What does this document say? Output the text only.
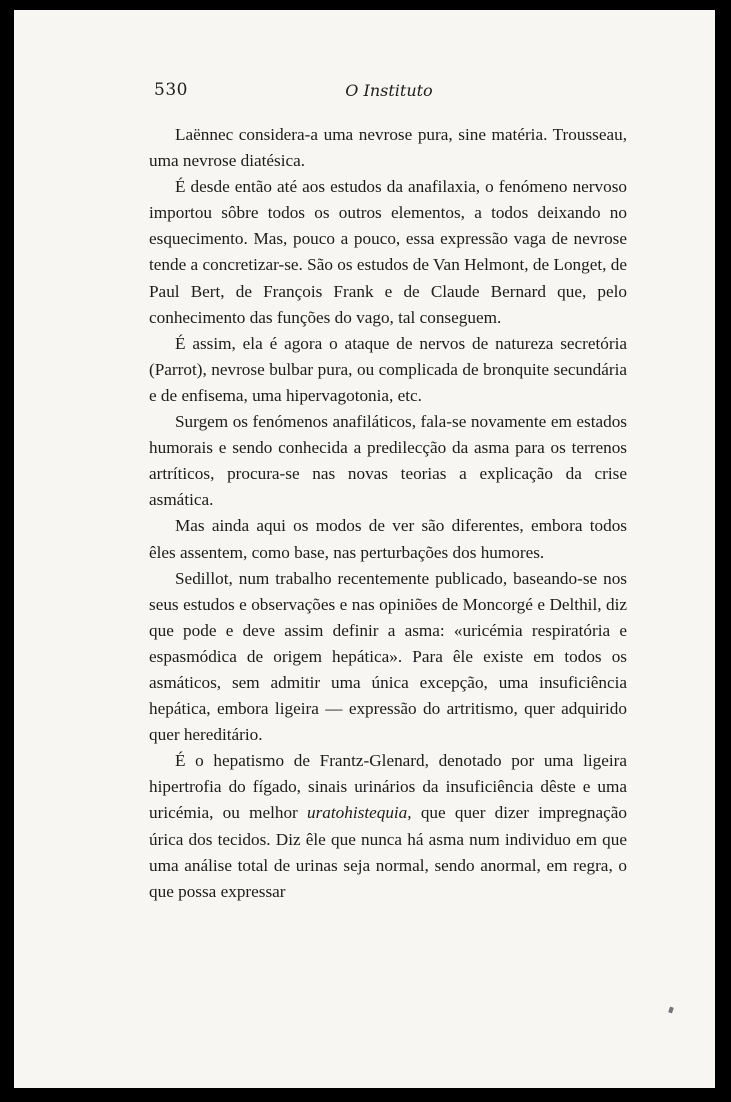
530	O Instituto

Laënnec considera-a uma nevrose pura, sine matéria. Trousseau, uma nevrose diatésica.

É desde então até aos estudos da anafilaxia, o fenómeno nervoso importou sôbre todos os outros elementos, a todos deixando no esquecimento. Mas, pouco a pouco, essa expressão vaga de nevrose tende a concretizar-se. São os estudos de Van Helmont, de Longet, de Paul Bert, de François Frank e de Claude Bernard que, pelo conhecimento das funções do vago, tal conseguem.

É assim, ela é agora o ataque de nervos de natureza secretória (Parrot), nevrose bulbar pura, ou complicada de bronquite secundária e de enfisema, uma hipervagotonia, etc.

Surgem os fenómenos anafiláticos, fala-se novamente em estados humorais e sendo conhecida a predilecção da asma para os terrenos artríticos, procura-se nas novas teorias a explicação da crise asmática.

Mas ainda aqui os modos de ver são diferentes, embora todos êles assentem, como base, nas perturbações dos humores.

Sedillot, num trabalho recentemente publicado, baseando-se nos seus estudos e observações e nas opiniões de Moncorgé e Delthil, diz que pode e deve assim definir a asma: «uricémia respiratória e espasmódica de origem hepática». Para êle existe em todos os asmáticos, sem admitir uma única excepção, uma insuficiência hepática, embora ligeira — expressão do artritismo, quer adquirido quer hereditário.

É o hepatismo de Frantz-Glenard, denotado por uma ligeira hipertrofia do fígado, sinais urinários da insuficiência dêste e uma uricémia, ou melhor uratohistequia, que quer dizer impregnação úrica dos tecidos. Diz êle que nunca há asma num individuo em que uma análise total de urinas seja normal, sendo anormal, em regra, o que possa expressar
